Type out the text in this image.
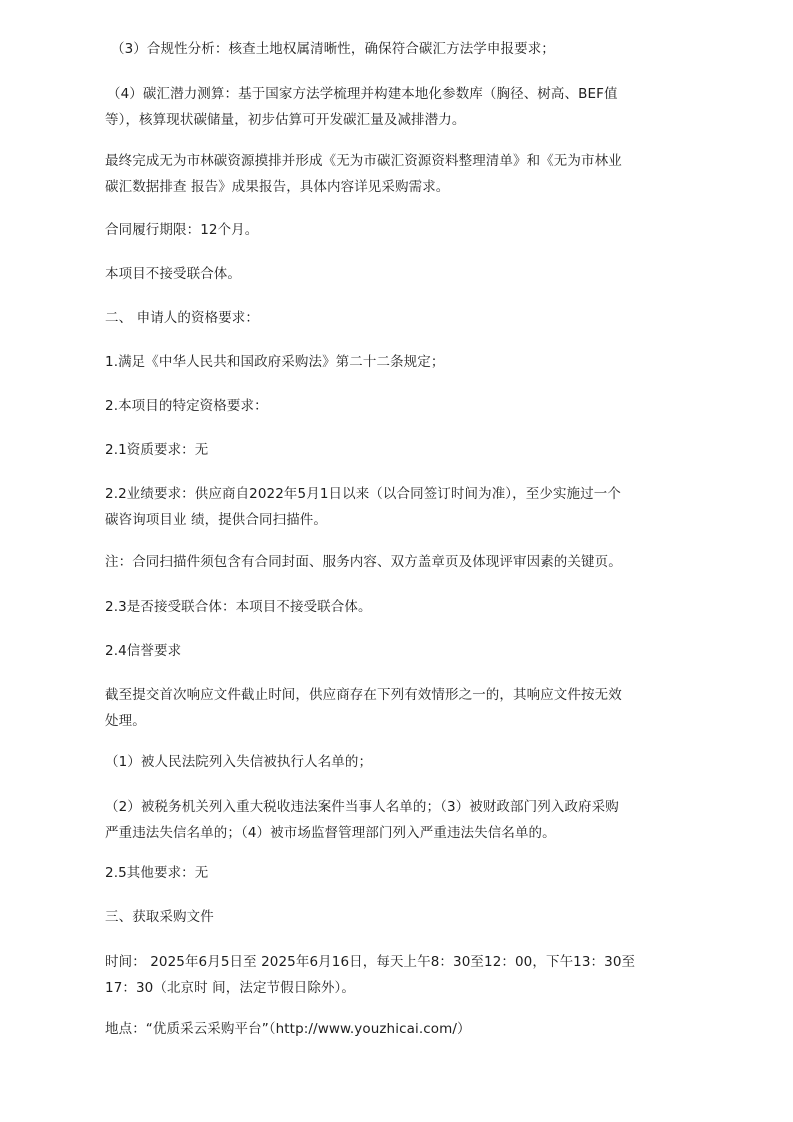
（3）合规性分析：核查土地权属清晰性，确保符合碳汇方法学申报要求；
（4）碳汇潜力测算：基于国家方法学梳理并构建本地化参数库（胸径、树高、BEF值
等），核算现状碳储量，初步估算可开发碳汇量及减排潜力。
最终完成无为市林碳资源摸排并形成《无为市碳汇资源资料整理清单》和《无为市林业
碳汇数据排查 报告》成果报告，具体内容详见采购需求。
合同履行期限：12个月。
本项目不接受联合体。
二、 申请人的资格要求：
1.满足《中华人民共和国政府采购法》第二十二条规定；
2.本项目的特定资格要求：
2.1资质要求：无
2.2业绩要求：供应商自2022年5月1日以来（以合同签订时间为准），至少实施过一个
碳咨询项目业 绩，提供合同扫描件。
注：合同扫描件须包含有合同封面、服务内容、双方盖章页及体现评审因素的关键页。
2.3是否接受联合体：本项目不接受联合体。
2.4信誉要求
截至提交首次响应文件截止时间，供应商存在下列有效情形之一的，其响应文件按无效
处理。
（1）被人民法院列入失信被执行人名单的；
（2）被税务机关列入重大税收违法案件当事人名单的；（3）被财政部门列入政府采购
严重违法失信名单的；（4）被市场监督管理部门列入严重违法失信名单的。
2.5其他要求：无
三、获取采购文件
时间： 2025年6月5日至 2025年6月16日，每天上午8：30至12：00，下午13：30至
17：30（北京时 间，法定节假日除外）。
地点：“优质采云采购平台”（http://www.youzhicai.com/）
